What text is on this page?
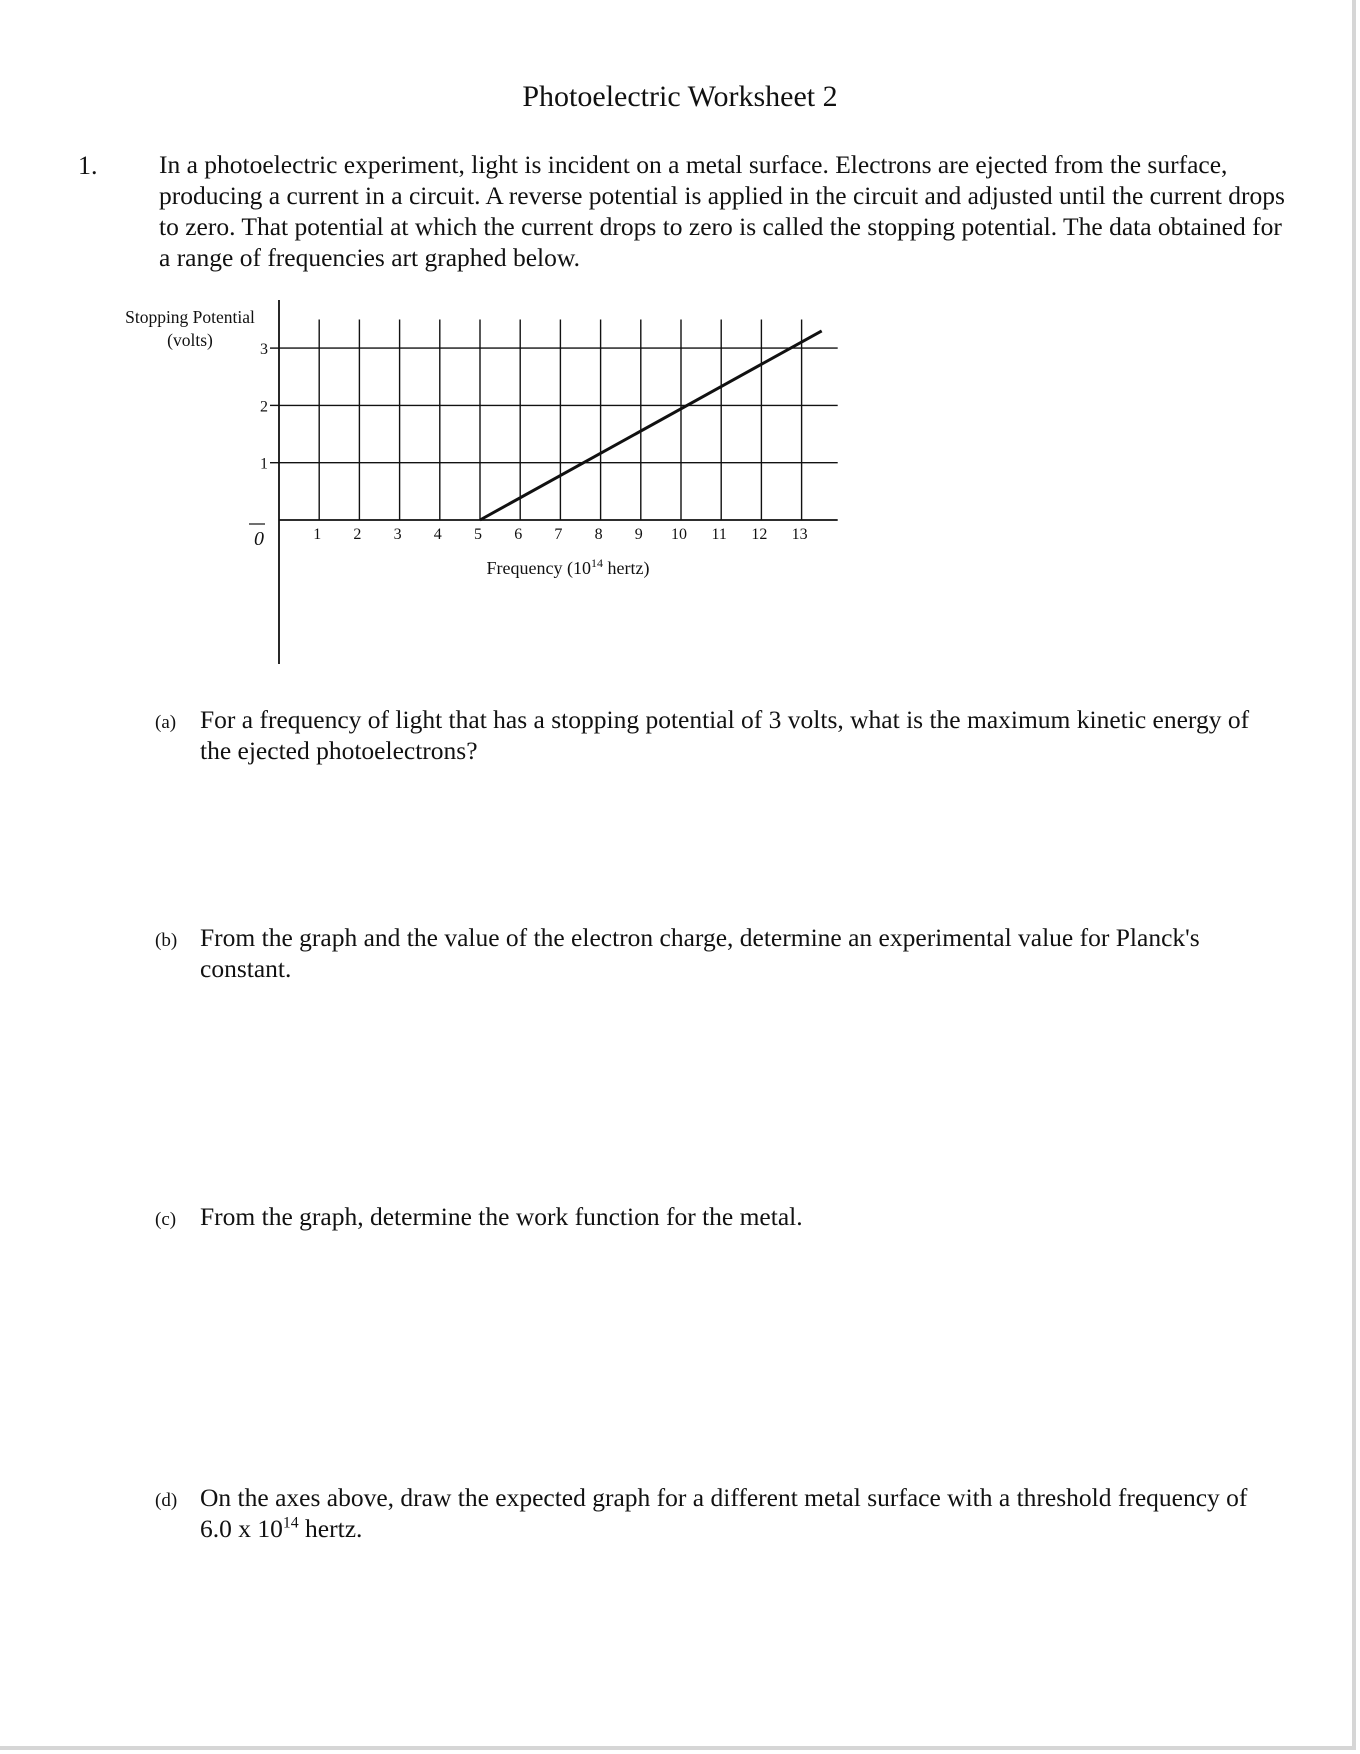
Photoelectric Worksheet 2
1. In a photoelectric experiment, light is incident on a metal surface. Electrons are ejected from the surface, producing a current in a circuit. A reverse potential is applied in the circuit and adjusted until the current drops to zero. That potential at which the current drops to zero is called the stopping potential. The data obtained for a range of frequencies art graphed below.
1
2
3
1 2 3 4 5 6 7 8 9 10 11 12 13
0
Stopping Potential
(volts)
Frequency ($10^{14}$ hertz)
(a) For a frequency of light that has a stopping potential of 3 volts, what is the maximum kinetic energy of the ejected photoelectrons?
(b) From the graph and the value of the electron charge, determine an experimental value for Planck's constant.
(c) From the graph, determine the work function for the metal.
(d) On the axes above, draw the expected graph for a different metal surface with a threshold frequency of 6.0 x $10^{14}$ hertz.
